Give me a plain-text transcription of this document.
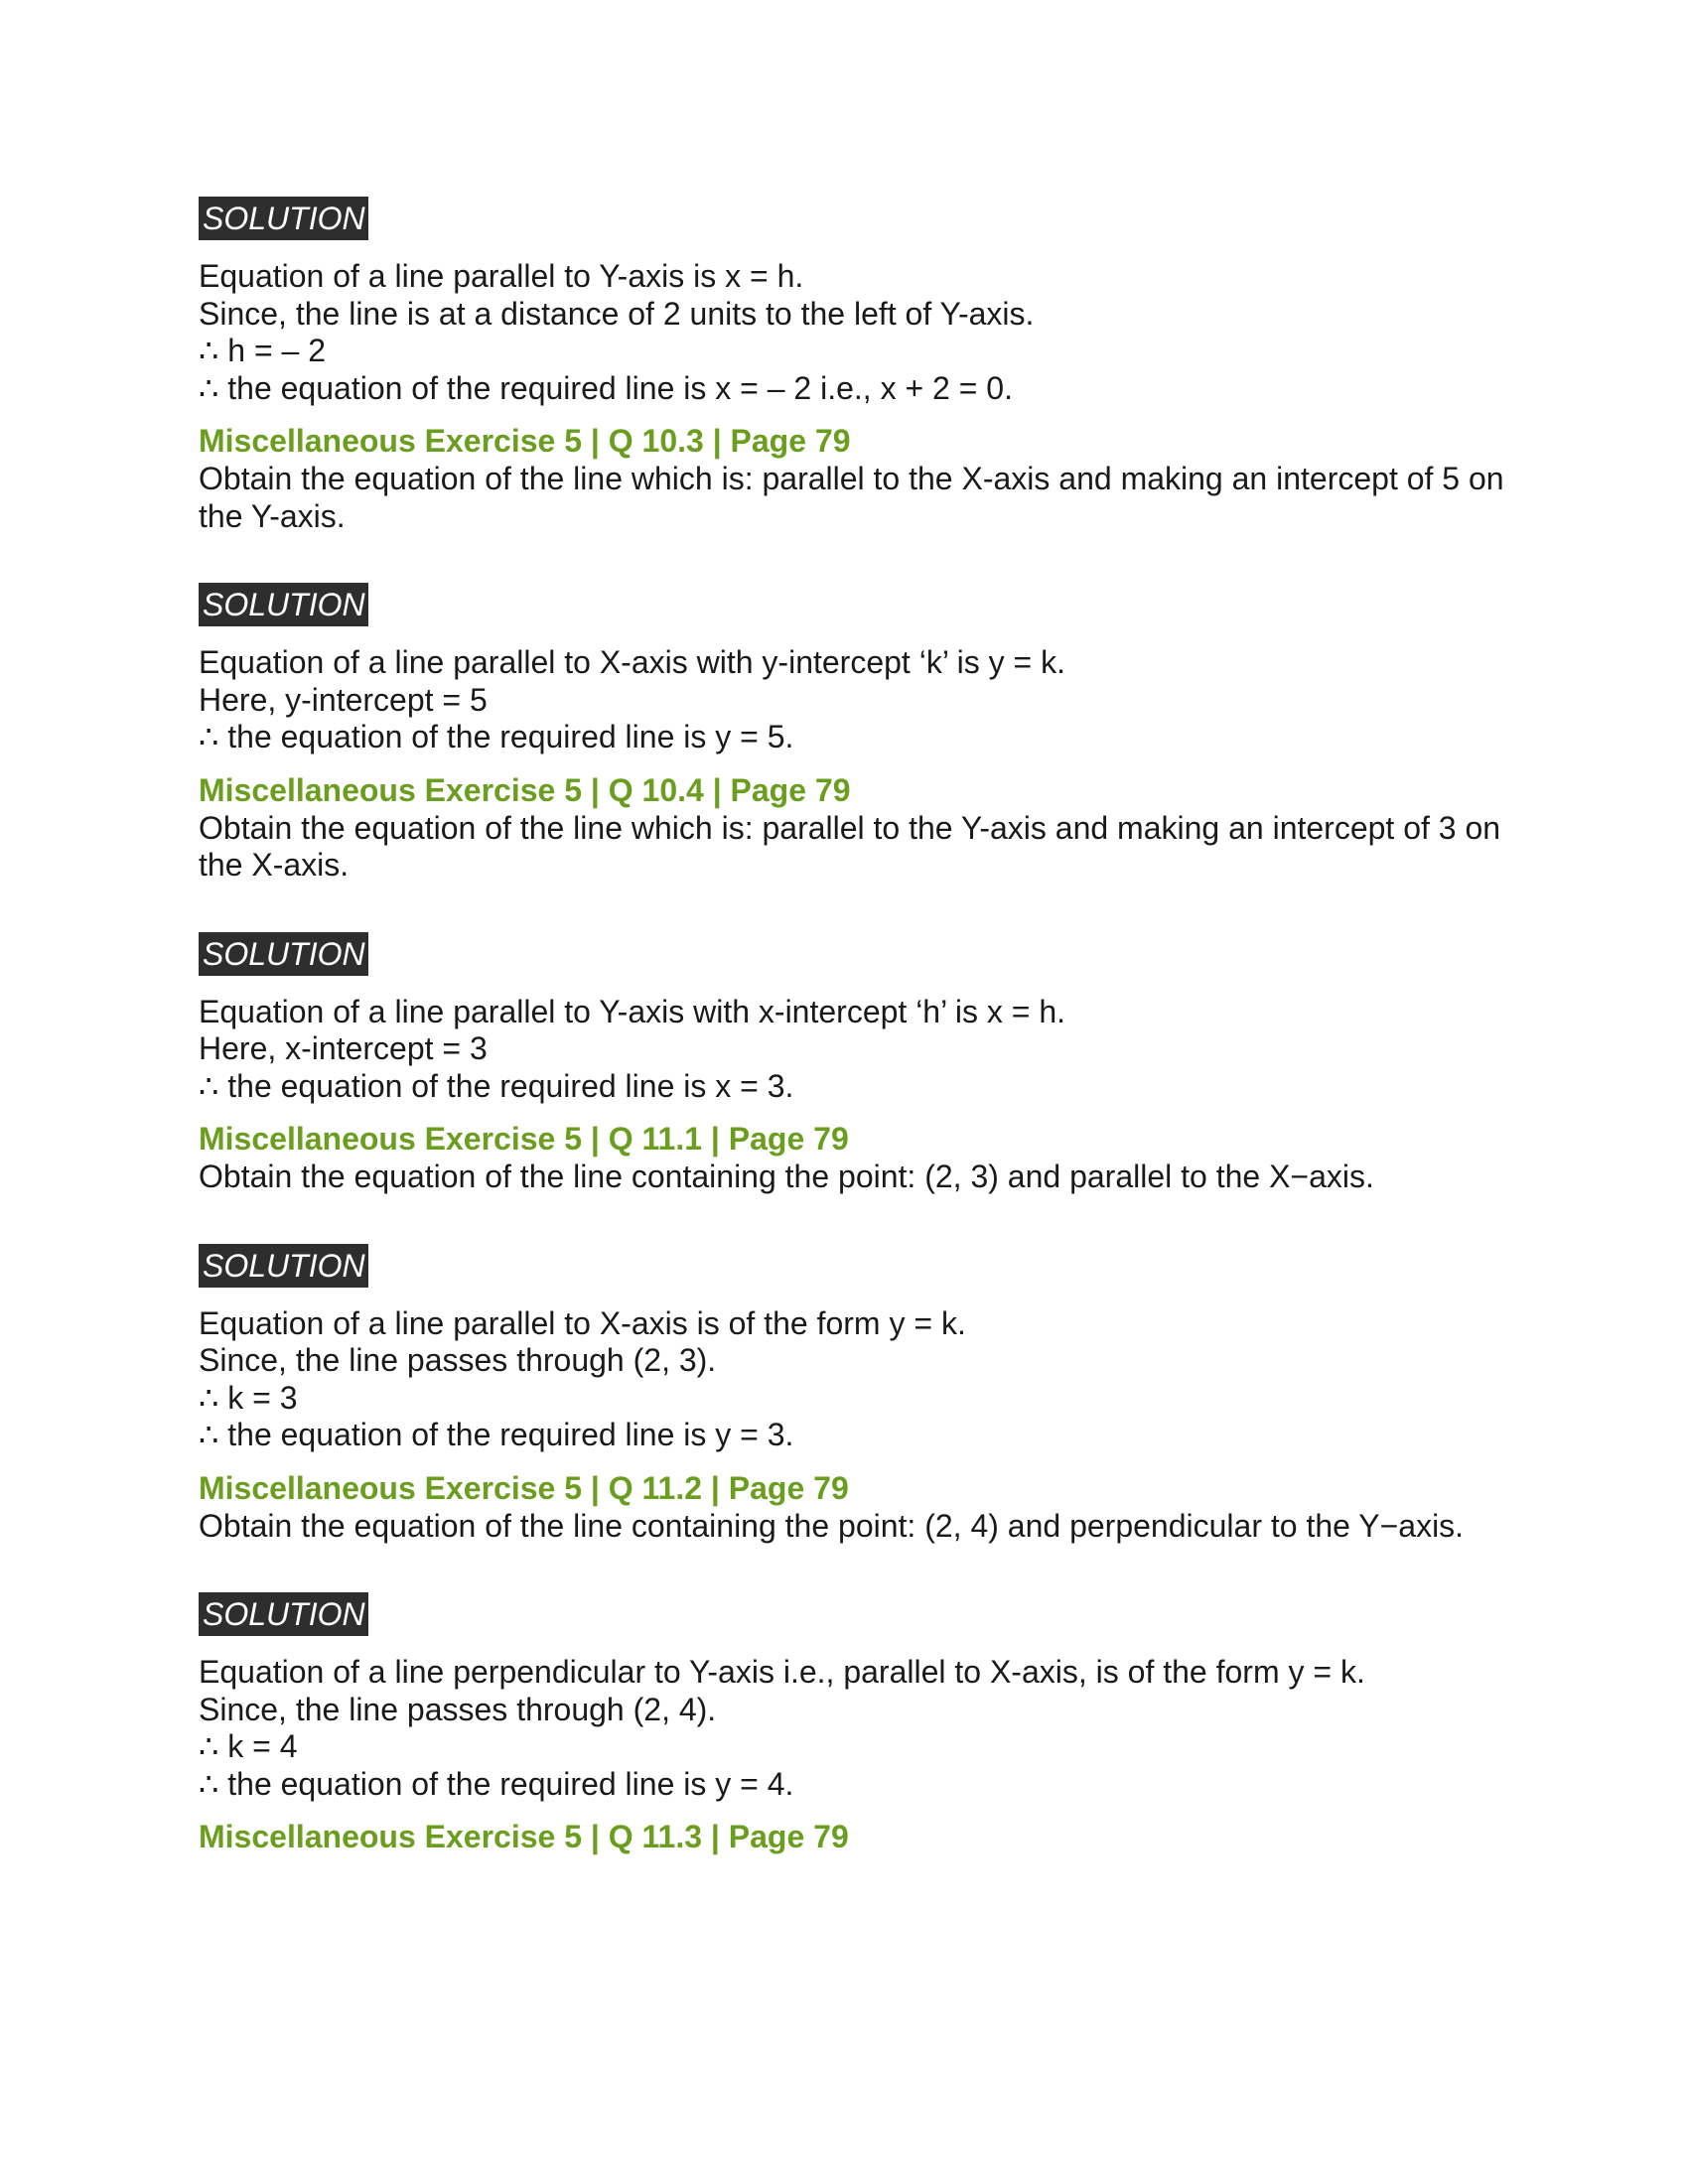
SOLUTION
Equation of a line parallel to Y-axis is x = h.
Since, the line is at a distance of 2 units to the left of Y-axis.
∴ h = – 2
∴ the equation of the required line is x = – 2 i.e., x + 2 = 0.
Miscellaneous Exercise 5 | Q 10.3 | Page 79
Obtain the equation of the line which is: parallel to the X-axis and making an intercept of 5 on the Y-axis.
SOLUTION
Equation of a line parallel to X-axis with y-intercept ‘k’ is y = k.
Here, y-intercept = 5
∴ the equation of the required line is y = 5.
Miscellaneous Exercise 5 | Q 10.4 | Page 79
Obtain the equation of the line which is: parallel to the Y-axis and making an intercept of 3 on the X-axis.
SOLUTION
Equation of a line parallel to Y-axis with x-intercept ‘h’ is x = h.
Here, x-intercept = 3
∴ the equation of the required line is x = 3.
Miscellaneous Exercise 5 | Q 11.1 | Page 79
Obtain the equation of the line containing the point: (2, 3) and parallel to the X−axis.
SOLUTION
Equation of a line parallel to X-axis is of the form y = k.
Since, the line passes through (2, 3).
∴ k = 3
∴ the equation of the required line is y = 3.
Miscellaneous Exercise 5 | Q 11.2 | Page 79
Obtain the equation of the line containing the point: (2, 4) and perpendicular to the Y−axis.
SOLUTION
Equation of a line perpendicular to Y-axis i.e., parallel to X-axis, is of the form y = k.
Since, the line passes through (2, 4).
∴ k = 4
∴ the equation of the required line is y = 4.
Miscellaneous Exercise 5 | Q 11.3 | Page 79
